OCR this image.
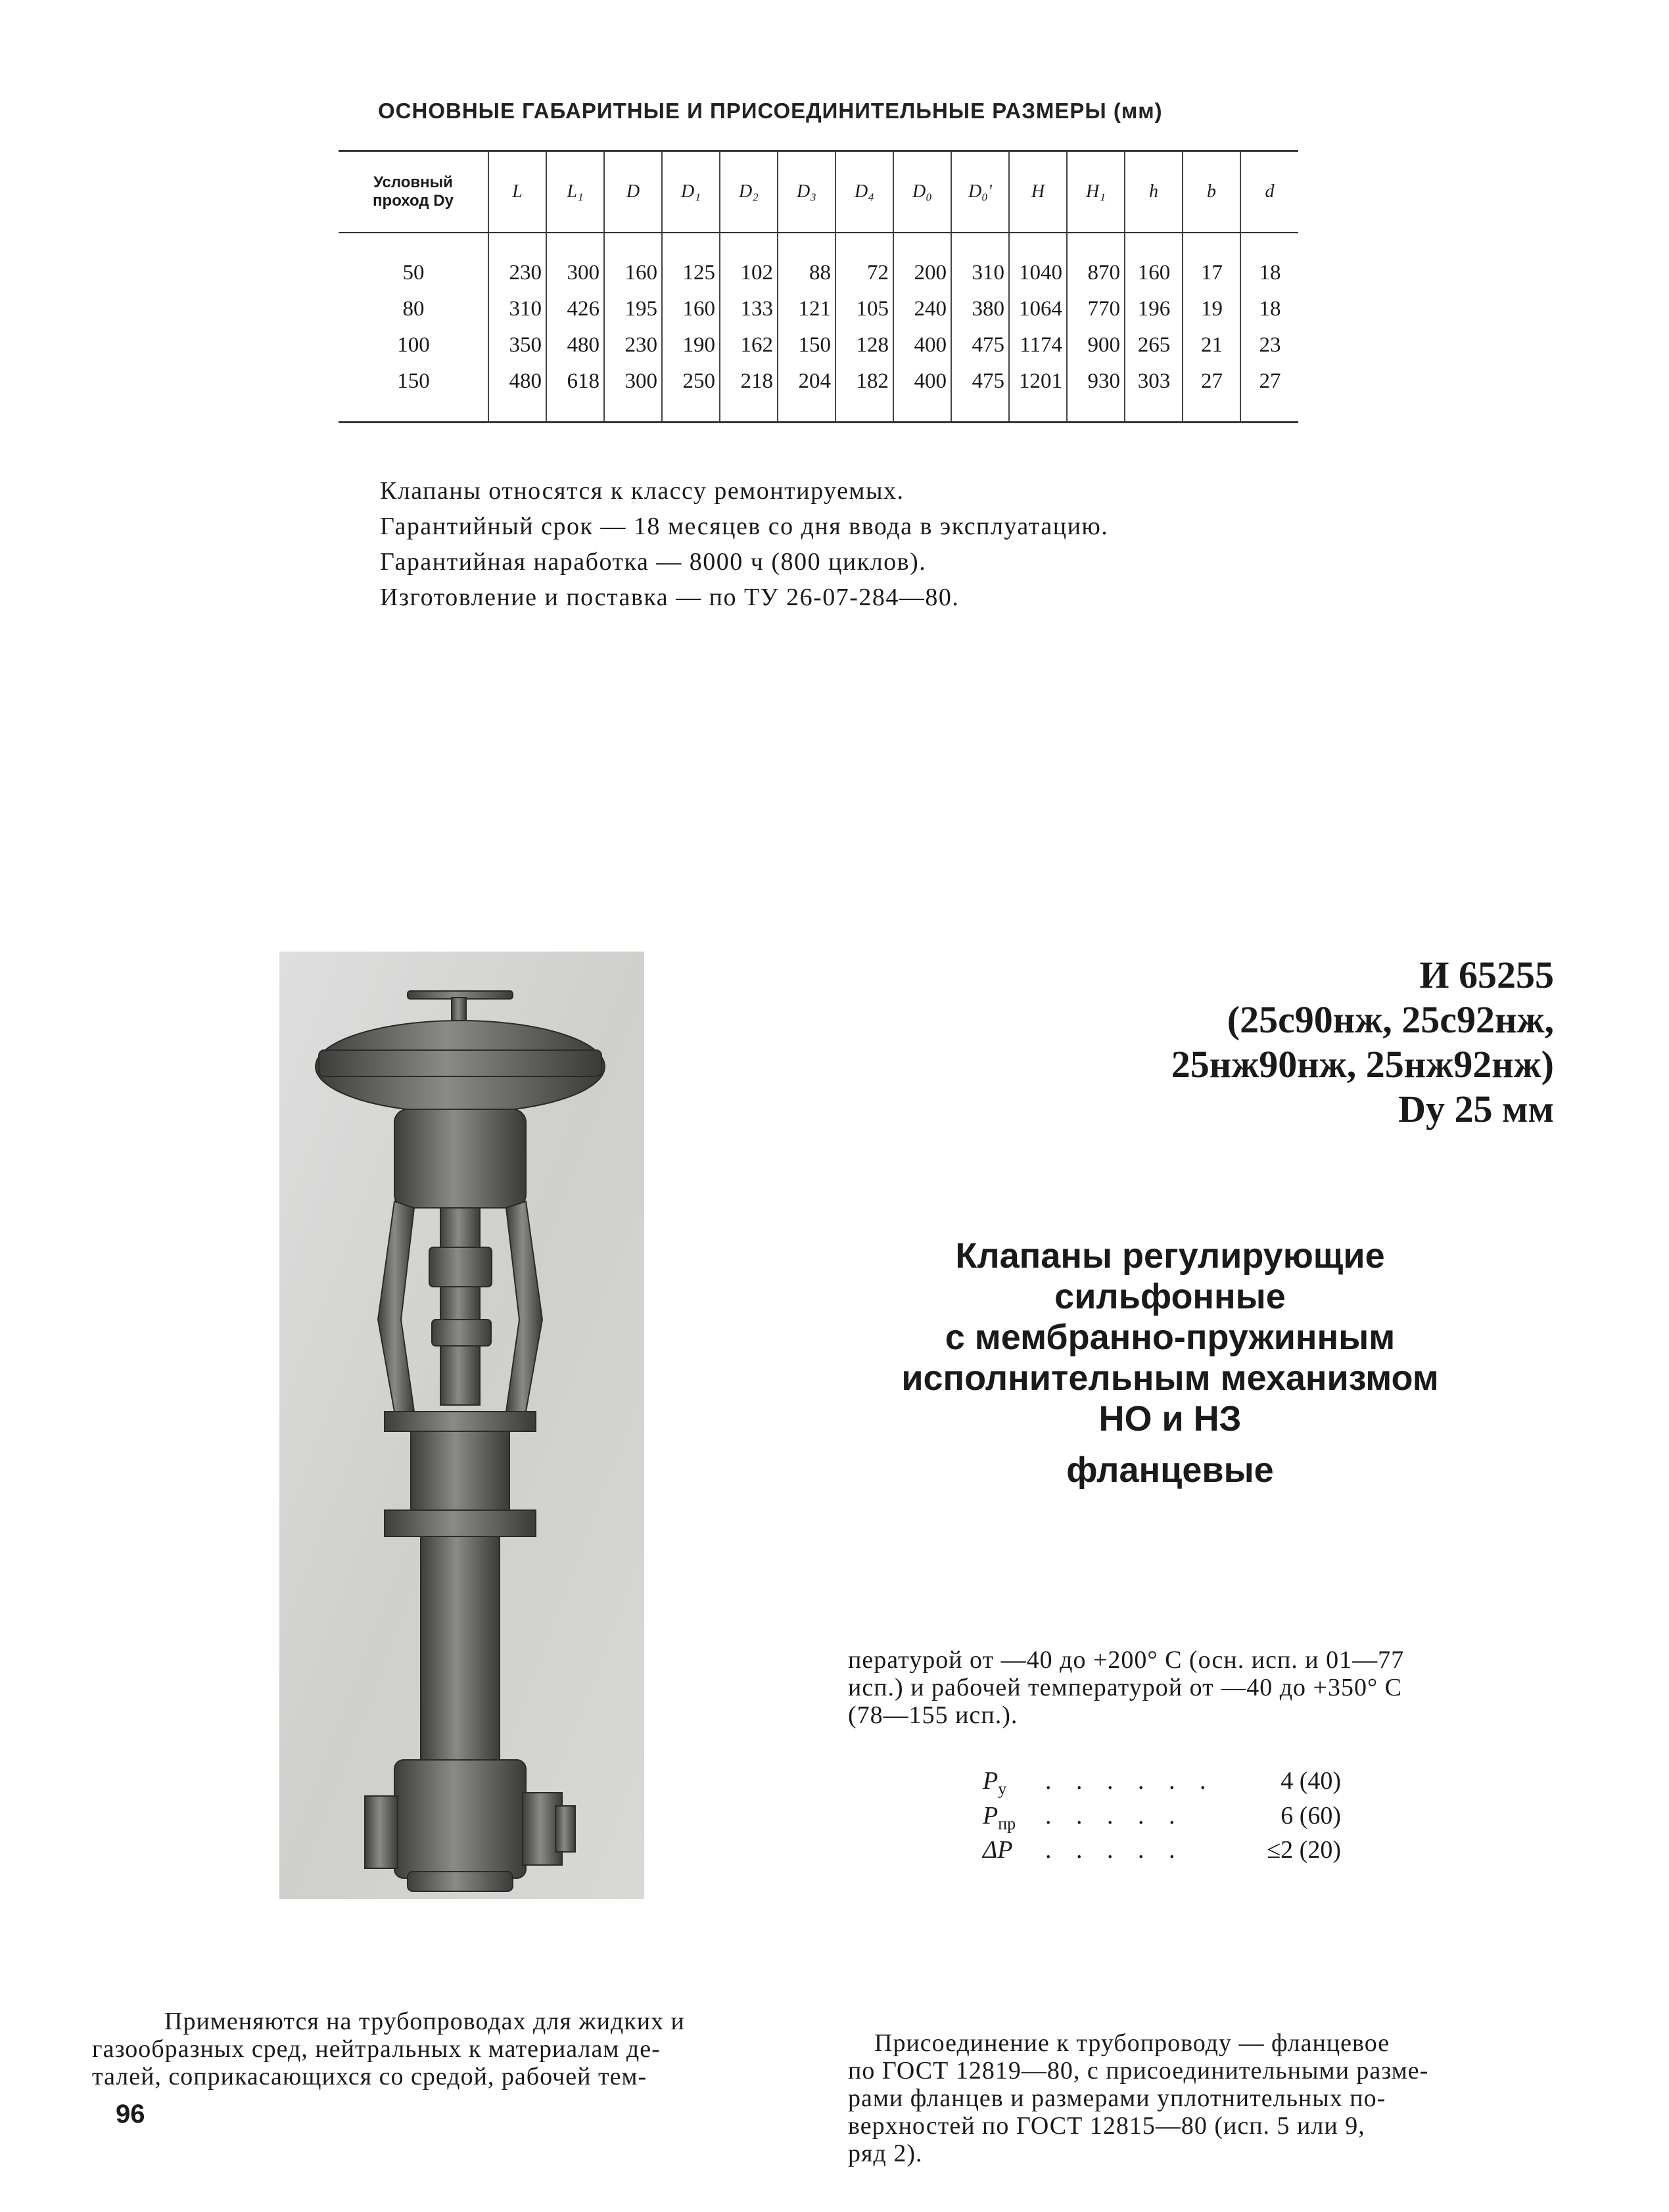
ОСНОВНЫЕ ГАБАРИТНЫЕ И ПРИСОЕДИНИТЕЛЬНЫЕ РАЗМЕРЫ (мм)
Условный
проход Dу	L	L₁	D	D₁	D₂	D₃	D₄	D₀	D₀'	H	H₁	h	b	d
50	230	300	160	125	102	88	72	200	310	1040	870	160	17	18
80	310	426	195	160	133	121	105	240	380	1064	770	196	19	18
100	350	480	230	190	162	150	128	400	475	1174	900	265	21	23
150	480	618	300	250	218	204	182	400	475	1201	930	303	27	27
Клапаны относятся к классу ремонтируемых.
Гарантийный срок — 18 месяцев со дня ввода в эксплуатацию.
Гарантийная наработка — 8000 ч (800 циклов).
Изготовление и поставка — по ТУ 26-07-284—80.
И 65255
(25с90нж, 25с92нж,
25нж90нж, 25нж92нж)
Dу 25 мм
Клапаны регулирующие
сильфонные
с мембранно-пружинным
исполнительным механизмом
НО и НЗ
фланцевые
пературой от —40 до +200° С (осн. исп. и 01—77
исп.) и рабочей температурой от —40 до +350° С
(78—155 исп.).
$P_у$	. . . . . .	4 (40)
$P_{пр}$	. . . . .	6 (60)
ΔP	. . . . .	≤2 (20)
Присоединение к трубопроводу — фланцевое
по ГОСТ 12819—80, с присоединительными разме-
рами фланцев и размерами уплотнительных по-
верхностей по ГОСТ 12815—80 (исп. 5 или 9,
ряд 2).
Применяются на трубопроводах для жидких и
газообразных сред, нейтральных к материалам де-
талей, соприкасающихся со средой, рабочей тем-
96
